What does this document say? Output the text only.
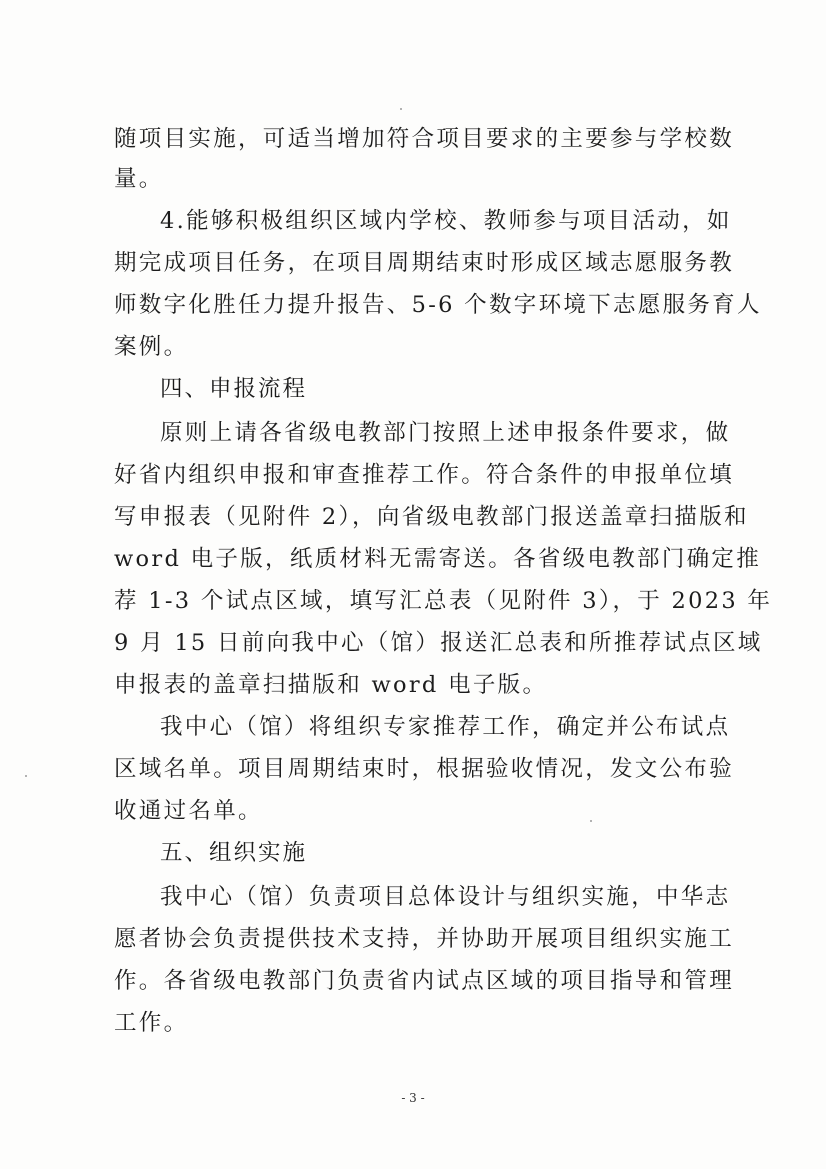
随项目实施，可适当增加符合项目要求的主要参与学校数
量。
4.能够积极组织区域内学校、教师参与项目活动，如
期完成项目任务，在项目周期结束时形成区域志愿服务教
师数字化胜任力提升报告、5-6 个数字环境下志愿服务育人
案例。
四、申报流程
原则上请各省级电教部门按照上述申报条件要求，做
好省内组织申报和审查推荐工作。符合条件的申报单位填
写申报表（见附件 2），向省级电教部门报送盖章扫描版和
word 电子版，纸质材料无需寄送。各省级电教部门确定推
荐 1-3 个试点区域，填写汇总表（见附件 3），于 2023 年
9 月 15 日前向我中心（馆）报送汇总表和所推荐试点区域
申报表的盖章扫描版和 word 电子版。
我中心（馆）将组织专家推荐工作，确定并公布试点
区域名单。项目周期结束时，根据验收情况，发文公布验
收通过名单。
五、组织实施
我中心（馆）负责项目总体设计与组织实施，中华志
愿者协会负责提供技术支持，并协助开展项目组织实施工
作。各省级电教部门负责省内试点区域的项目指导和管理
工作。
- 3 -
